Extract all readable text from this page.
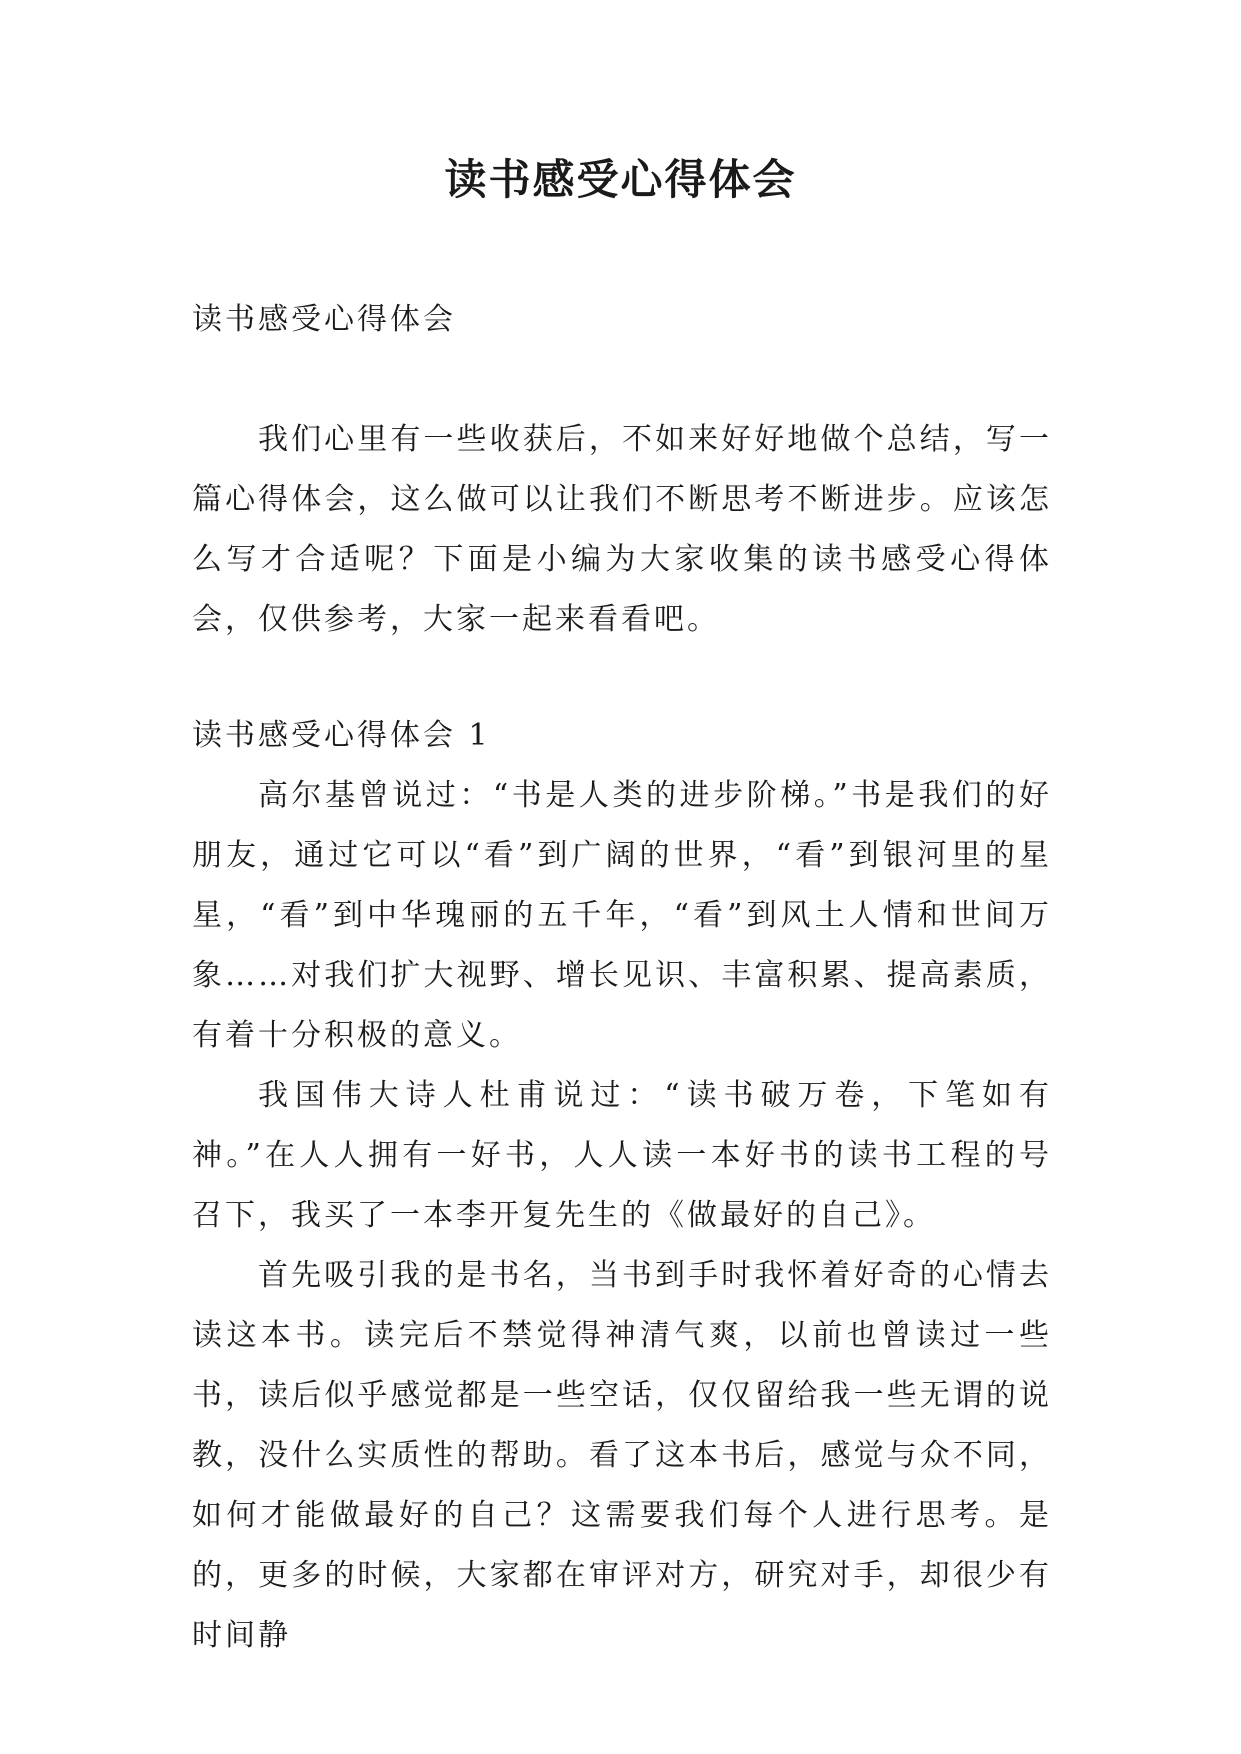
读书感受心得体会

读书感受心得体会

我们心里有一些收获后，不如来好好地做个总结，写一篇心得体会，这么做可以让我们不断思考不断进步。应该怎么写才合适呢？下面是小编为大家收集的读书感受心得体会，仅供参考，大家一起来看看吧。

读书感受心得体会 1

高尔基曾说过：“书是人类的进步阶梯。”书是我们的好朋友，通过它可以“看”到广阔的世界，“看”到银河里的星星，“看”到中华瑰丽的五千年，“看”到风土人情和世间万象……对我们扩大视野、增长见识、丰富积累、提高素质，有着十分积极的意义。

我国伟大诗人杜甫说过：“读书破万卷，下笔如有神。”在人人拥有一好书，人人读一本好书的读书工程的号召下，我买了一本李开复先生的《做最好的自己》。

首先吸引我的是书名，当书到手时我怀着好奇的心情去读这本书。读完后不禁觉得神清气爽，以前也曾读过一些书，读后似乎感觉都是一些空话，仅仅留给我一些无谓的说教，没什么实质性的帮助。看了这本书后，感觉与众不同，如何才能做最好的自己？这需要我们每个人进行思考。是的，更多的时候，大家都在审评对方，研究对手，却很少有时间静
